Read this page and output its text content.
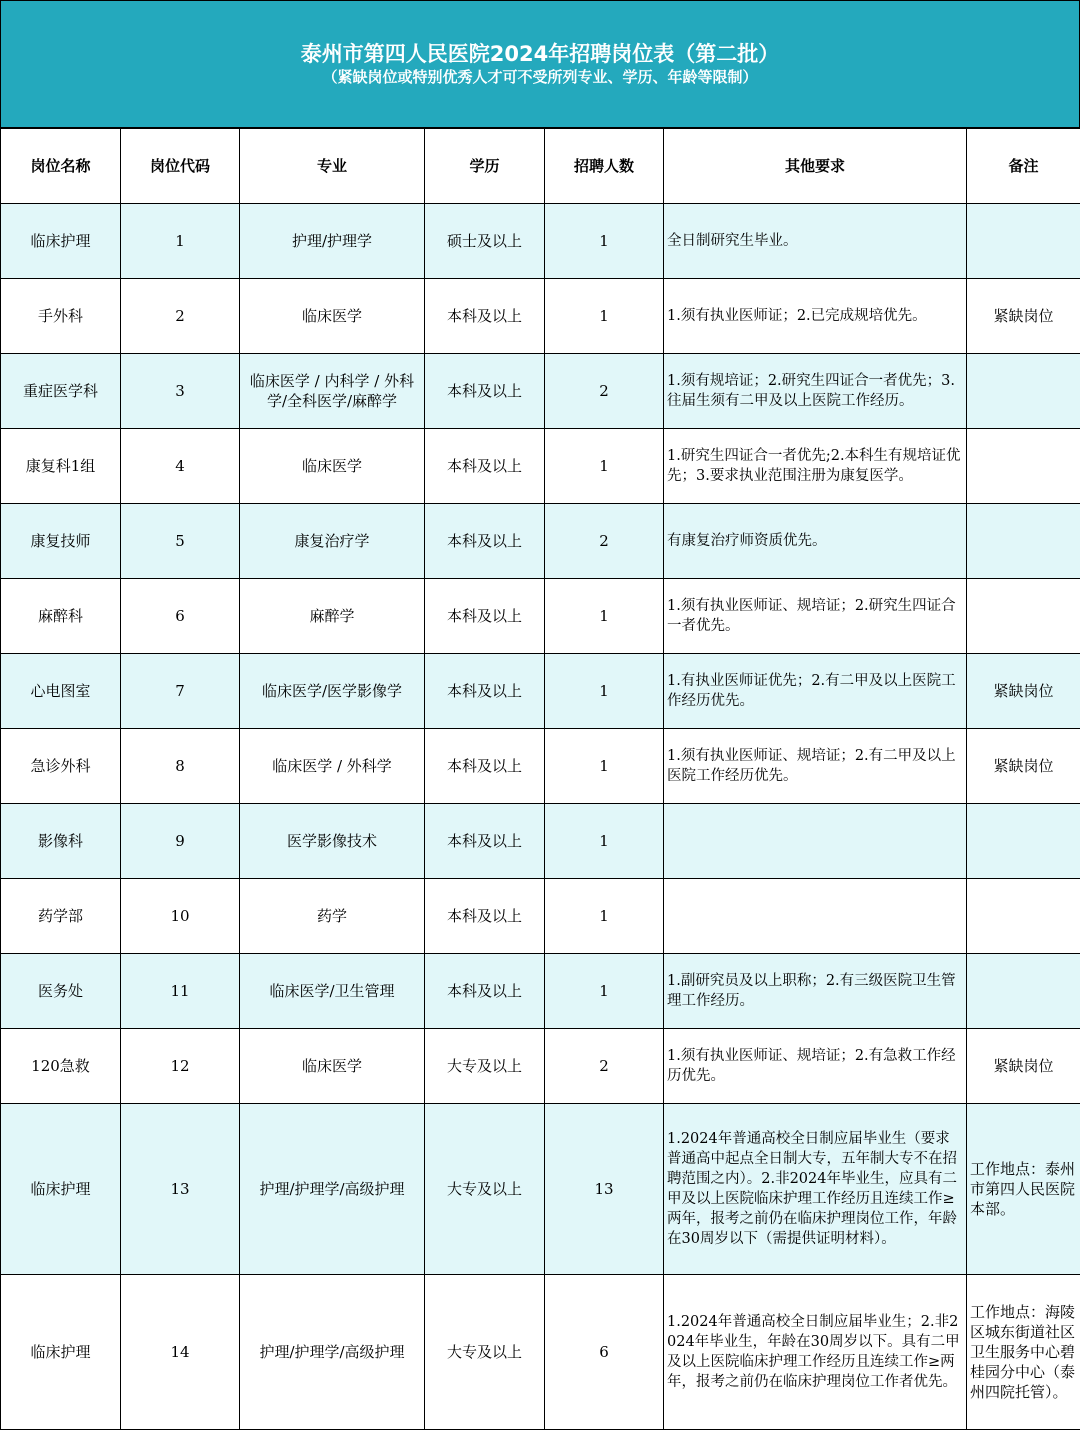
泰州市第四人民医院2024年招聘岗位表（第二批）
（紧缺岗位或特别优秀人才可不受所列专业、学历、年龄等限制）
岗位名称	岗位代码	专业	学历	招聘人数	其他要求	备注
临床护理	1	护理/护理学	硕士及以上	1	全日制研究生毕业。	
手外科	2	临床医学	本科及以上	1	1.须有执业医师证；2.已完成规培优先。	紧缺岗位
重症医学科	3	临床医学 / 内科学 / 外科学/全科医学/麻醉学	本科及以上	2	1.须有规培证；2.研究生四证合一者优先；3.往届生须有二甲及以上医院工作经历。	
康复科1组	4	临床医学	本科及以上	1	1.研究生四证合一者优先;2.本科生有规培证优先；3.要求执业范围注册为康复医学。	
康复技师	5	康复治疗学	本科及以上	2	有康复治疗师资质优先。	
麻醉科	6	麻醉学	本科及以上	1	1.须有执业医师证、规培证；2.研究生四证合一者优先。	
心电图室	7	临床医学/医学影像学	本科及以上	1	1.有执业医师证优先；2.有二甲及以上医院工作经历优先。	紧缺岗位
急诊外科	8	临床医学 / 外科学	本科及以上	1	1.须有执业医师证、规培证；2.有二甲及以上医院工作经历优先。	紧缺岗位
影像科	9	医学影像技术	本科及以上	1		
药学部	10	药学	本科及以上	1		
医务处	11	临床医学/卫生管理	本科及以上	1	1.副研究员及以上职称；2.有三级医院卫生管理工作经历。	
120急救	12	临床医学	大专及以上	2	1.须有执业医师证、规培证；2.有急救工作经历优先。	紧缺岗位
临床护理	13	护理/护理学/高级护理	大专及以上	13	1.2024年普通高校全日制应届毕业生（要求普通高中起点全日制大专，五年制大专不在招聘范围之内）。2.非2024年毕业生，应具有二甲及以上医院临床护理工作经历且连续工作≥两年，报考之前仍在临床护理岗位工作，年龄在30周岁以下（需提供证明材料）。	工作地点：泰州市第四人民医院本部。
临床护理	14	护理/护理学/高级护理	大专及以上	6	1.2024年普通高校全日制应届毕业生；2.非2024年毕业生，年龄在30周岁以下。具有二甲及以上医院临床护理工作经历且连续工作≥两年，报考之前仍在临床护理岗位工作者优先。	工作地点：海陵区城东街道社区卫生服务中心碧桂园分中心（泰州四院托管）。
